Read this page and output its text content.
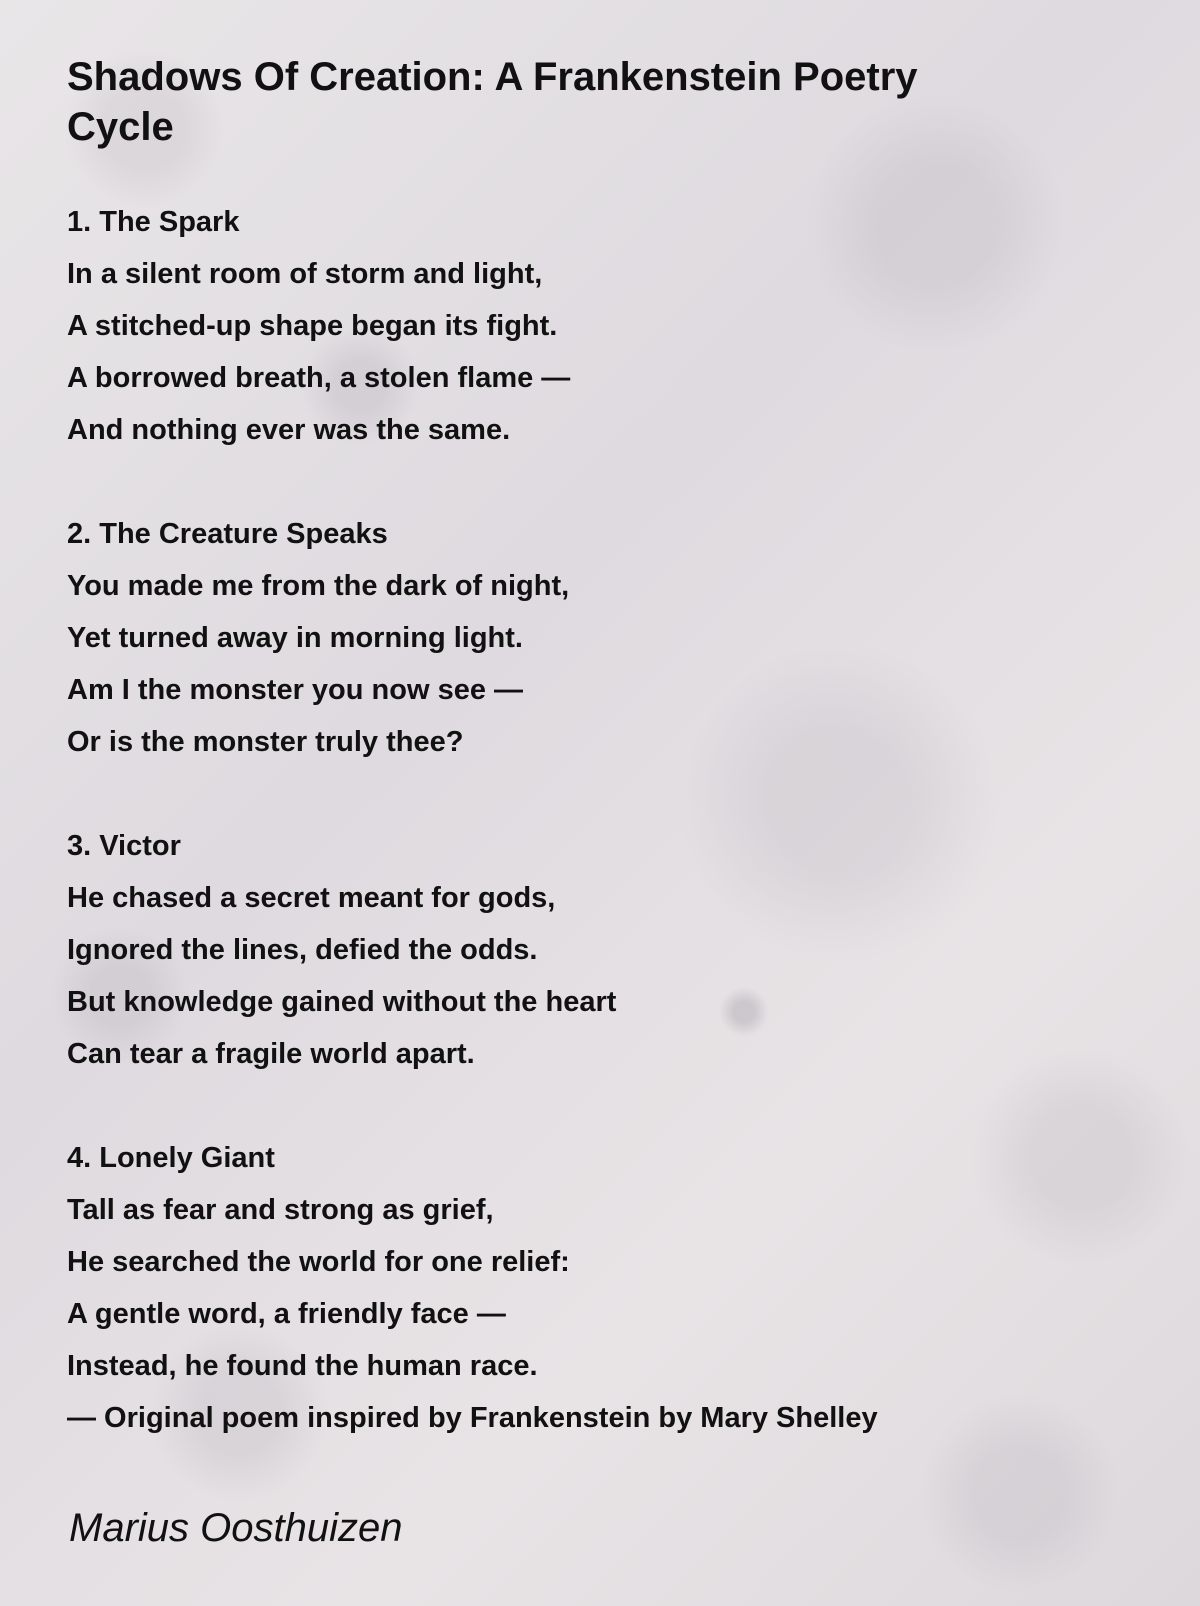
Shadows Of Creation: A Frankenstein Poetry Cycle
1. The Spark
In a silent room of storm and light,
A stitched-up shape began its fight.
A borrowed breath, a stolen flame —
And nothing ever was the same.
2. The Creature Speaks
You made me from the dark of night,
Yet turned away in morning light.
Am I the monster you now see —
Or is the monster truly thee?
3. Victor
He chased a secret meant for gods,
Ignored the lines, defied the odds.
But knowledge gained without the heart
Can tear a fragile world apart.
4. Lonely Giant
Tall as fear and strong as grief,
He searched the world for one relief:
A gentle word, a friendly face —
Instead, he found the human race.
— Original poem inspired by Frankenstein by Mary Shelley
Marius Oosthuizen
